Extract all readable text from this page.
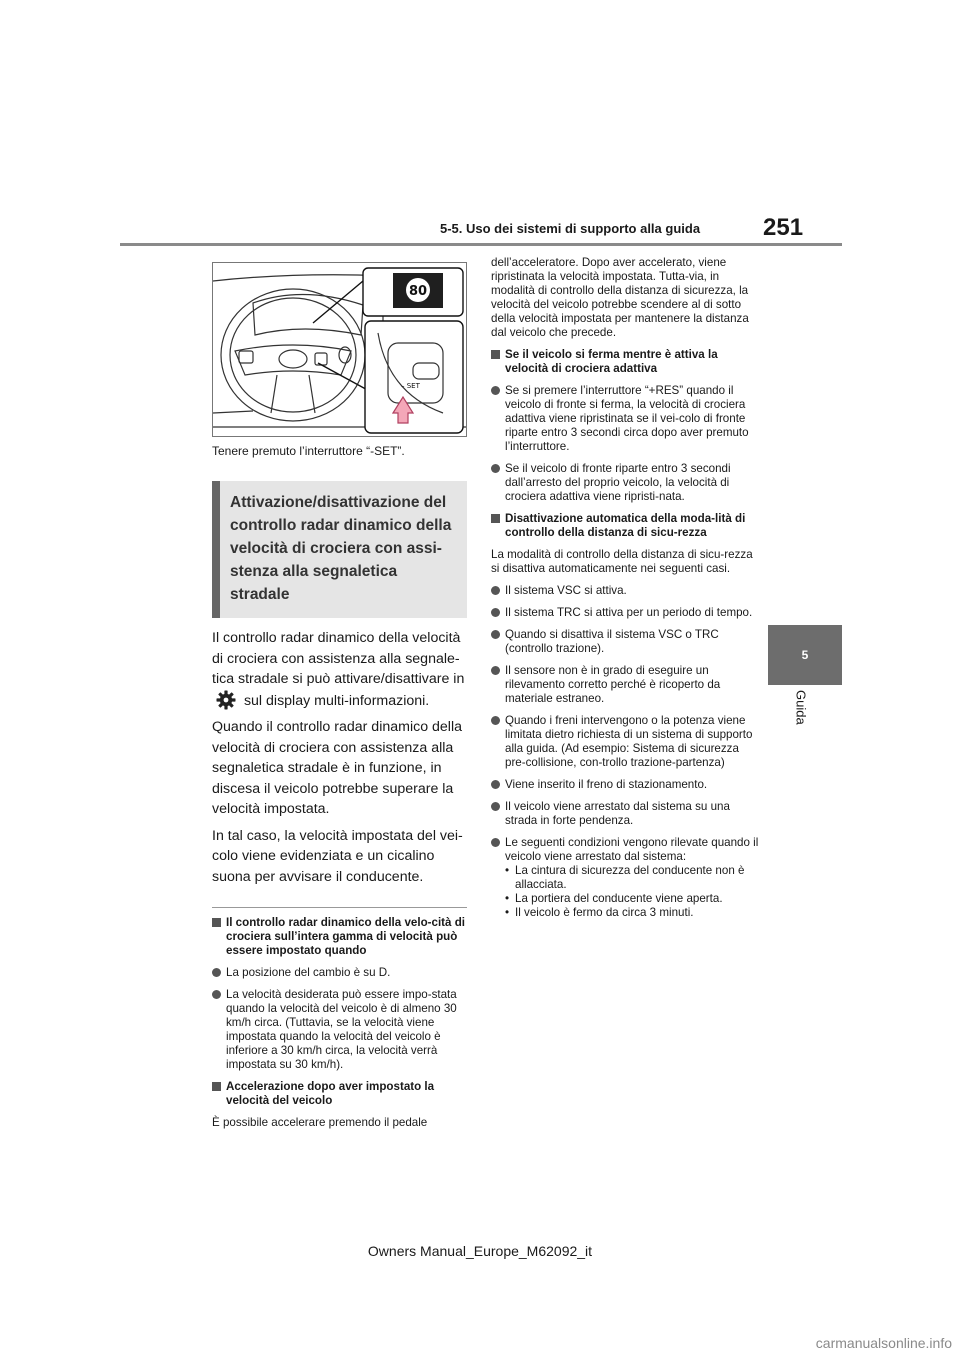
251
5-5. Uso dei sistemi di supporto alla guida
5
Guida
80
– SET
Tenere premuto l’interruttore “-SET”.
Attivazione/disattivazione del controllo radar dinamico della velocità di crociera con assi-stenza alla segnaletica stradale

Il controllo radar dinamico della velocità di crociera con assistenza alla segnale-tica stradale si può attivare/disattivare in  sul display multi-informazioni.

Quando il controllo radar dinamico della velocità di crociera con assistenza alla segnaletica stradale è in funzione, in discesa il veicolo potrebbe superare la velocità impostata.

In tal caso, la velocità impostata del vei-colo viene evidenziata e un cicalino suona per avvisare il conducente.

Il controllo radar dinamico della velo-cità di crociera sull’intera gamma di velocità può essere impostato quando
La posizione del cambio è su D.
La velocità desiderata può essere impo-stata quando la velocità del veicolo è di almeno 30 km/h circa. (Tuttavia, se la velocità viene impostata quando la velocità del veicolo è inferiore a 30 km/h circa, la velocità verrà impostata su 30 km/h).
Accelerazione dopo aver impostato la velocità del veicolo
È possibile accelerare premendo il pedale
dell’acceleratore. Dopo aver accelerato, viene ripristinata la velocità impostata. Tutta-via, in modalità di controllo della distanza di sicurezza, la velocità del veicolo potrebbe scendere al di sotto della velocità impostata per mantenere la distanza dal veicolo che precede.
Se il veicolo si ferma mentre è attiva la velocità di crociera adattiva
Se si premere l’interruttore “+RES” quando il veicolo di fronte si ferma, la velocità di crociera adattiva viene ripristinata se il vei-colo di fronte riparte entro 3 secondi circa dopo aver premuto l’interruttore.
Se il veicolo di fronte riparte entro 3 secondi dall’arresto del proprio veicolo, la velocità di crociera adattiva viene ripristi-nata.
Disattivazione automatica della moda-lità di controllo della distanza di sicu-rezza
La modalità di controllo della distanza di sicu-rezza si disattiva automaticamente nei seguenti casi.
Il sistema VSC si attiva.
Il sistema TRC si attiva per un periodo di tempo.
Quando si disattiva il sistema VSC o TRC (controllo trazione).
Il sensore non è in grado di eseguire un rilevamento corretto perché è ricoperto da materiale estraneo.
Quando i freni intervengono o la potenza viene limitata dietro richiesta di un sistema di supporto alla guida. (Ad esempio: Sistema di sicurezza pre-collisione, con-trollo trazione-partenza)
Viene inserito il freno di stazionamento.
Il veicolo viene arrestato dal sistema su una strada in forte pendenza.
Le seguenti condizioni vengono rilevate quando il veicolo viene arrestato dal sistema:
• La cintura di sicurezza del conducente non è allacciata.
• La portiera del conducente viene aperta.
• Il veicolo è fermo da circa 3 minuti.
Owners Manual_Europe_M62092_it
carmanualsonline.info
